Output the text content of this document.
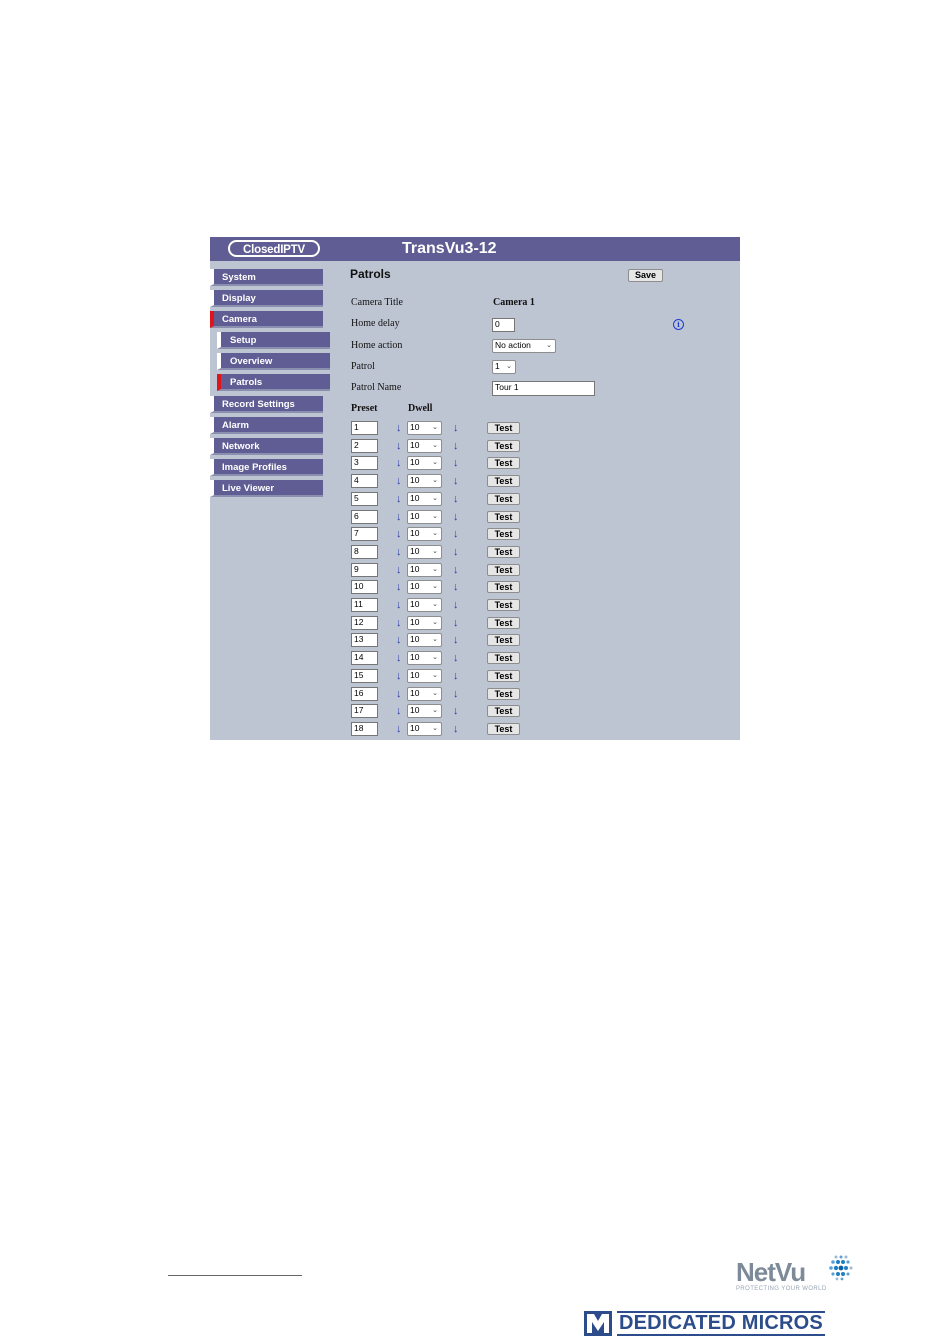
ClosedIPTV	TransVu3-12
System
Display
Camera
Setup
Overview
Patrols
Record Settings
Alarm
Network
Image Profiles
Live Viewer
Patrols	Save
Camera Title	Camera 1
Home delay	0	i
Home action	No action ⌄
Patrol	1 ⌄
Patrol Name	Tour 1
Preset	Dwell
1	↓	10 ⌄ ↓	Test
2	↓	10 ⌄ ↓	Test
3	↓	10 ⌄ ↓	Test
4	↓	10 ⌄ ↓	Test
5	↓	10 ⌄ ↓	Test
6	↓	10 ⌄ ↓	Test
7	↓	10 ⌄ ↓	Test
8	↓	10 ⌄ ↓	Test
9	↓	10 ⌄ ↓	Test
10	↓	10 ⌄ ↓	Test
11	↓	10 ⌄ ↓	Test
12	↓	10 ⌄ ↓	Test
13	↓	10 ⌄ ↓	Test
14	↓	10 ⌄ ↓	Test
15	↓	10 ⌄ ↓	Test
16	↓	10 ⌄ ↓	Test
17	↓	10 ⌄ ↓	Test
18	↓	10 ⌄ ↓	Test
NetVu
PROTECTING YOUR WORLD
DEDICATED MICROS
